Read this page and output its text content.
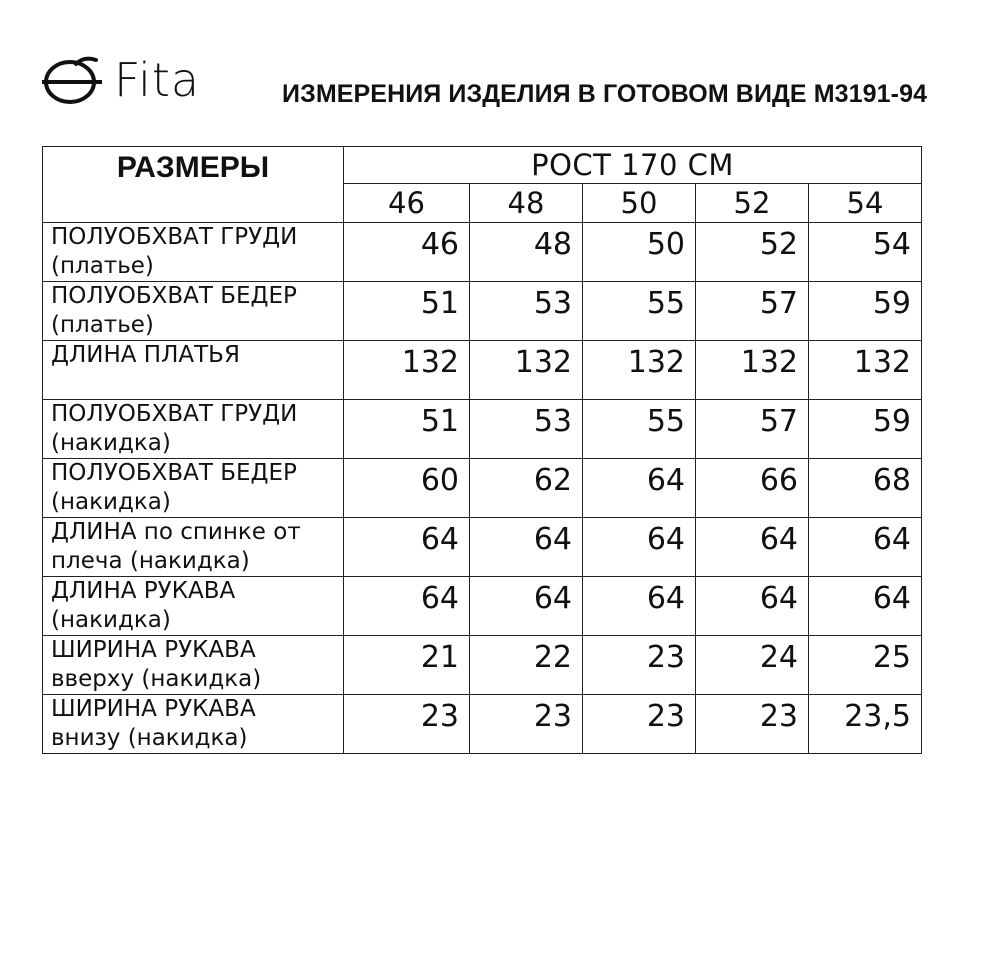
Fita	ИЗМЕРЕНИЯ ИЗДЕЛИЯ В ГОТОВОМ ВИДЕ М3191-94
РАЗМЕРЫ	РОСТ 170 СМ				
	46	48	50	52	54
ПОЛУОБХВАТ ГРУДИ
(платье)	46	48	50	52	54
ПОЛУОБХВАТ БЕДЕР
(платье)	51	53	55	57	59
ДЛИНА ПЛАТЬЯ	132	132	132	132	132
ПОЛУОБХВАТ ГРУДИ
(накидка)	51	53	55	57	59
ПОЛУОБХВАТ БЕДЕР
(накидка)	60	62	64	66	68
ДЛИНА по спинке от
плеча (накидка)	64	64	64	64	64
ДЛИНА РУКАВА
(накидка)	64	64	64	64	64
ШИРИНА РУКАВА
вверху (накидка)	21	22	23	24	25
ШИРИНА РУКАВА
внизу (накидка)	23	23	23	23	23,5
